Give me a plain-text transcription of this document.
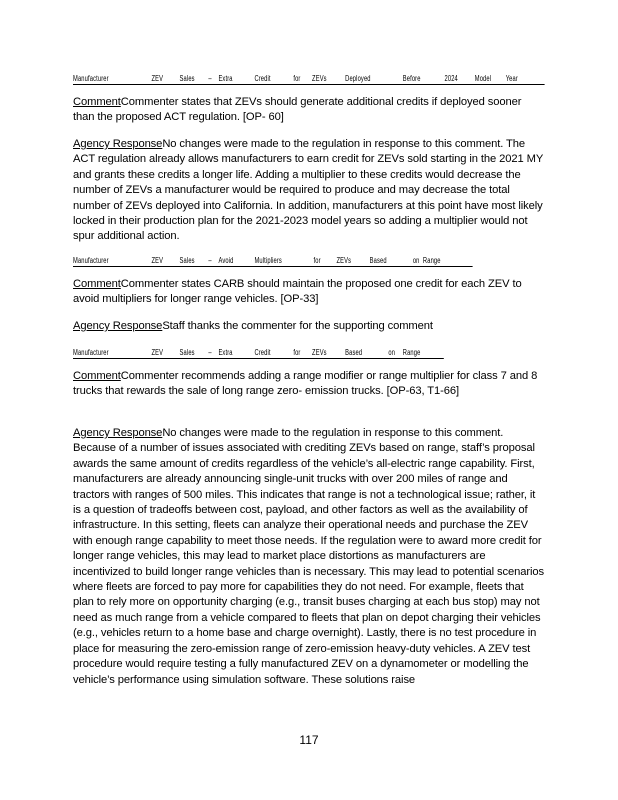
Manufacturer	ZEV Sales – Extra	Credit	for ZEVs Deployed	Before	2024 Model Year

CommentCommenter states that ZEVs should generate additional credits if deployed sooner than the proposed ACT regulation. [OP- 60]

Agency ResponseNo changes were made to the regulation in response to this comment. The ACT regulation already allows manufacturers to earn credit for ZEVs sold starting in the 2021 MY and grants these credits a longer life. Adding a multiplier to these credits would decrease the number of ZEVs a manufacturer would be required to produce and may decrease the total number of ZEVs deployed into California. In addition, manufacturers at this point have most likely locked in their production plan for the 2021-2023 model years so adding a multiplier would not spur additional action.

Manufacturer	ZEV Sales – Avoid	Multipliers	for ZEVs Based	on Range

CommentCommenter states CARB should maintain the proposed one credit for each ZEV to avoid multipliers for longer range vehicles. [OP-33]

Agency ResponseStaff thanks the commenter for the supporting comment

Manufacturer	ZEV Sales – Extra	Credit	for ZEVs Based	on Range

CommentCommenter recommends adding a range modifier or range multiplier for class 7 and 8 trucks that rewards the sale of long range zero- emission trucks. [OP-63, T1-66]

Agency ResponseNo changes were made to the regulation in response to this comment. Because of a number of issues associated with crediting ZEVs based on range, staff’s proposal awards the same amount of credits regardless of the vehicle’s all-electric range capability. First, manufacturers are already announcing single-unit trucks with over 200 miles of range and tractors with ranges of 500 miles. This indicates that range is not a technological issue; rather, it is a question of tradeoffs between cost, payload, and other factors as well as the availability of infrastructure. In this setting, fleets can analyze their operational needs and purchase the ZEV with enough range capability to meet those needs. If the regulation were to award more credit for longer range vehicles, this may lead to market place distortions as manufacturers are incentivized to build longer range vehicles than is necessary. This may lead to potential scenarios where fleets are forced to pay more for capabilities they do not need. For example, fleets that plan to rely more on opportunity charging (e.g., transit buses charging at each bus stop) may not need as much range from a vehicle compared to fleets that plan on depot charging their vehicles (e.g., vehicles return to a home base and charge overnight). Lastly, there is no test procedure in place for measuring the zero-emission range of zero-emission heavy-duty vehicles. A ZEV test procedure would require testing a fully manufactured ZEV on a dynamometer or modelling the vehicle’s performance using simulation software. These solutions raise

117
